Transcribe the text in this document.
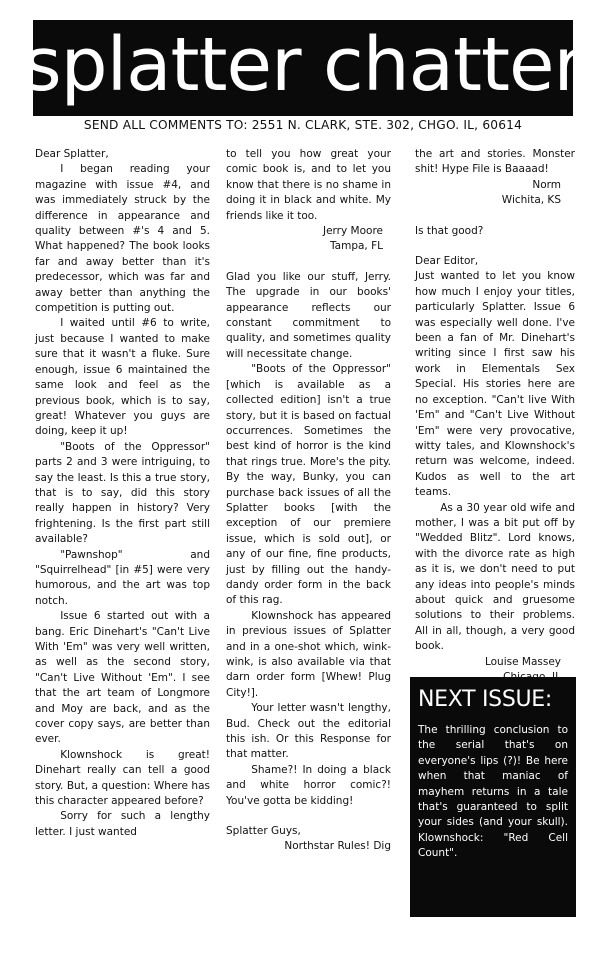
splatter chatter
SEND ALL COMMENTS TO: 2551 N. CLARK, STE. 302, CHGO. IL, 60614

Dear Splatter,

I began reading your magazine with issue #4, and was immediately struck by the difference in appearance and quality between #'s 4 and 5. What happened? The book looks far and away better than it's predecessor, which was far and away better than anything the competition is putting out.

I waited until #6 to write, just because I wanted to make sure that it wasn't a fluke. Sure enough, issue 6 maintained the same look and feel as the previous book, which is to say, great! Whatever you guys are doing, keep it up!

"Boots of the Oppressor" parts 2 and 3 were intriguing, to say the least. Is this a true story, that is to say, did this story really happen in history? Very frightening. Is the first part still available?

"Pawnshop" and "Squirrelhead" [in #5] were very humorous, and the art was top notch.

Issue 6 started out with a bang. Eric Dinehart's "Can't Live With 'Em" was very well written, as well as the second story, "Can't Live Without 'Em". I see that the art team of Longmore and Moy are back, and as the cover copy says, are better than ever.

Klownshock is great! Dinehart really can tell a good story. But, a question: Where has this character appeared before?

Sorry for such a lengthy letter. I just wanted

to tell you how great your comic book is, and to let you know that there is no shame in doing it in black and white. My friends like it too.

Jerry Moore

Tampa, FL

Glad you like our stuff, Jerry. The upgrade in our books' appearance reflects our constant commitment to quality, and sometimes quality will necessitate change.

"Boots of the Oppressor" [which is available as a collected edition] isn't a true story, but it is based on factual occurrences. Sometimes the best kind of horror is the kind that rings true. More's the pity. By the way, Bunky, you can purchase back issues of all the Splatter books [with the exception of our premiere issue, which is sold out], or any of our fine, fine products, just by filling out the handy-dandy order form in the back of this rag.

Klownshock has appeared in previous issues of Splatter and in a one-shot which, wink-wink, is also available via that darn order form [Whew! Plug City!].

Your letter wasn't lengthy, Bud. Check out the editorial this ish. Or this Response for that matter.

Shame?! In doing a black and white horror comic?! You've gotta be kidding!

Splatter Guys,

Northstar Rules! Dig

the art and stories. Monster shit! Hype File is Baaaad!

Norm

Wichita, KS

Is that good?

Dear Editor,

Just wanted to let you know how much I enjoy your titles, particularly Splatter. Issue 6 was especially well done. I've been a fan of Mr. Dinehart's writing since I first saw his work in Elementals Sex Special. His stories here are no exception. "Can't live With 'Em" and "Can't Live Without 'Em" were very provocative, witty tales, and Klownshock's return was welcome, indeed. Kudos as well to the art teams.

As a 30 year old wife and mother, I was a bit put off by "Wedded Blitz". Lord knows, with the divorce rate as high as it is, we don't need to put any ideas into people's minds about quick and gruesome solutions to their problems. All in all, though, a very good book.

Louise Massey

NEXT ISSUE:

The thrilling conclusion to the serial that's on everyone's lips (?)! Be here when that maniac of mayhem returns in a tale that's guaranteed to split your sides (and your skull). Klownshock: "Red Cell Count".
